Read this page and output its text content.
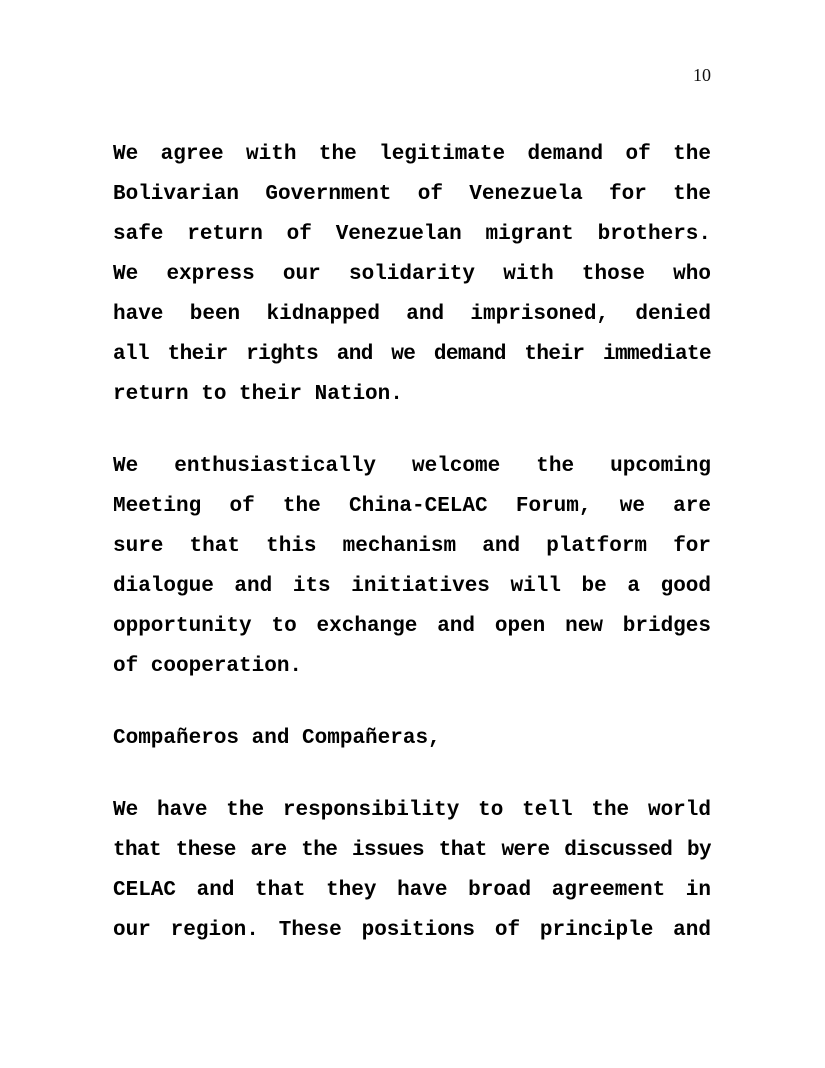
10
We agree with the legitimate demand of the
Bolivarian Government of Venezuela for the
safe return of Venezuelan migrant brothers.
We express our solidarity with those who
have been kidnapped and imprisoned, denied
all their rights and we demand their immediate
return to their Nation.
We enthusiastically welcome the upcoming
Meeting of the China-CELAC Forum, we are
sure that this mechanism and platform for
dialogue and its initiatives will be a good
opportunity to exchange and open new bridges
of cooperation.
Compañeros and Compañeras,
We have the responsibility to tell the world
that these are the issues that were discussed by
CELAC and that they have broad agreement in
our region. These positions of principle and
